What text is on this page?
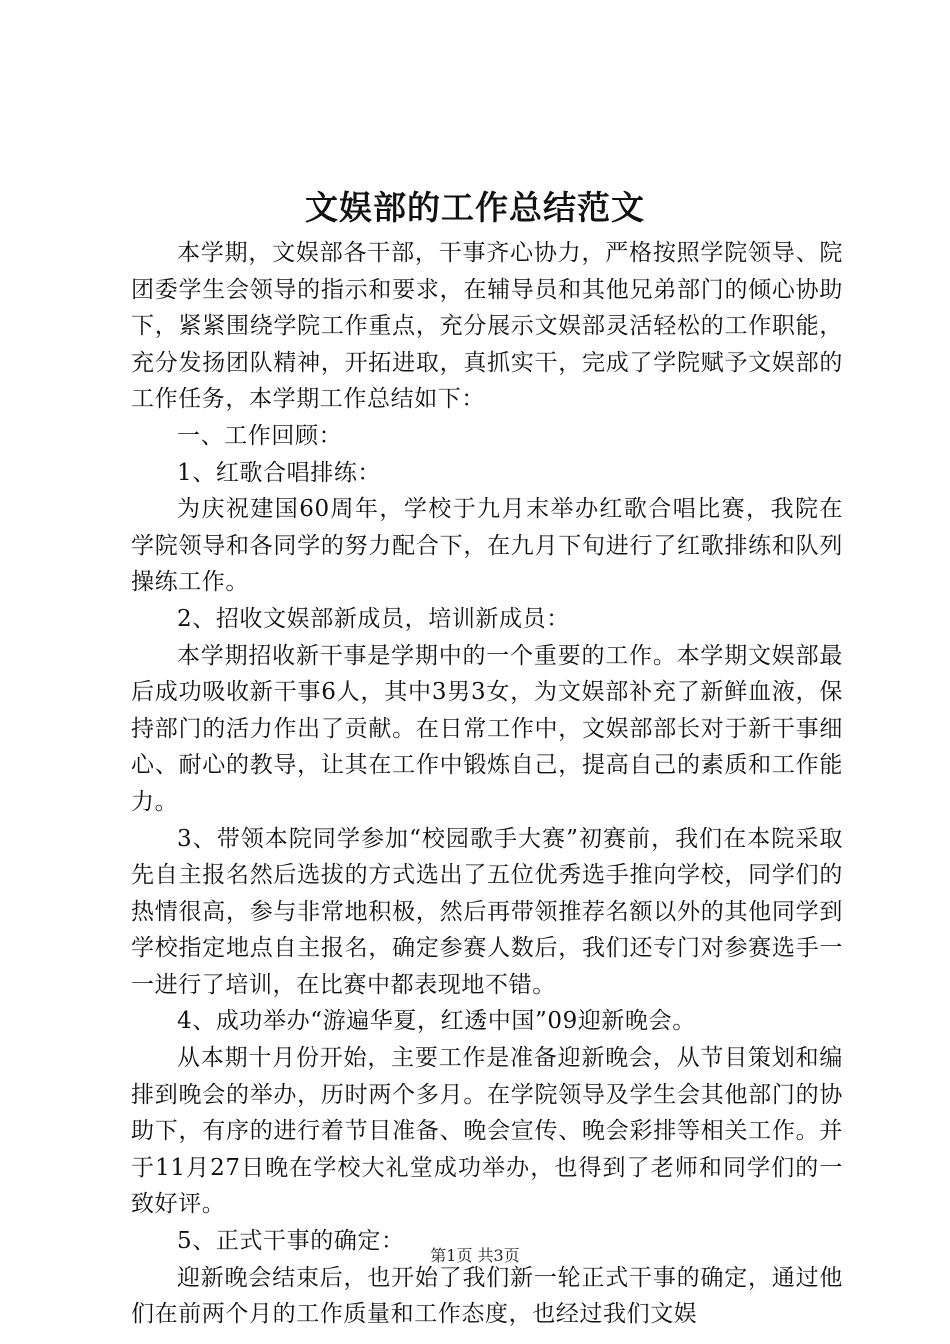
文娱部的工作总结范文

本学期，文娱部各干部，干事齐心协力，严格按照学院领导、院团委学生会领导的指示和要求，在辅导员和其他兄弟部门的倾心协助下，紧紧围绕学院工作重点，充分展示文娱部灵活轻松的工作职能，充分发扬团队精神，开拓进取，真抓实干，完成了学院赋予文娱部的工作任务，本学期工作总结如下：

一、工作回顾：

1、红歌合唱排练：

为庆祝建国60周年，学校于九月末举办红歌合唱比赛，我院在学院领导和各同学的努力配合下，在九月下旬进行了红歌排练和队列操练工作。

2、招收文娱部新成员，培训新成员：

本学期招收新干事是学期中的一个重要的工作。本学期文娱部最后成功吸收新干事6人，其中3男3女，为文娱部补充了新鲜血液，保持部门的活力作出了贡献。在日常工作中，文娱部部长对于新干事细心、耐心的教导，让其在工作中锻炼自己，提高自己的素质和工作能力。

3、带领本院同学参加“校园歌手大赛”初赛前，我们在本院采取先自主报名然后选拔的方式选出了五位优秀选手推向学校，同学们的热情很高，参与非常地积极，然后再带领推荐名额以外的其他同学到学校指定地点自主报名，确定参赛人数后，我们还专门对参赛选手一一进行了培训，在比赛中都表现地不错。

4、成功举办“游遍华夏，红透中国”09迎新晚会。

从本期十月份开始，主要工作是准备迎新晚会，从节目策划和编排到晚会的举办，历时两个多月。在学院领导及学生会其他部门的协助下，有序的进行着节目准备、晚会宣传、晚会彩排等相关工作。并于11月27日晚在学校大礼堂成功举办，也得到了老师和同学们的一致好评。

5、正式干事的确定：

迎新晚会结束后，也开始了我们新一轮正式干事的确定，通过他们在前两个月的工作质量和工作态度，也经过我们文娱

第1页 共3页
